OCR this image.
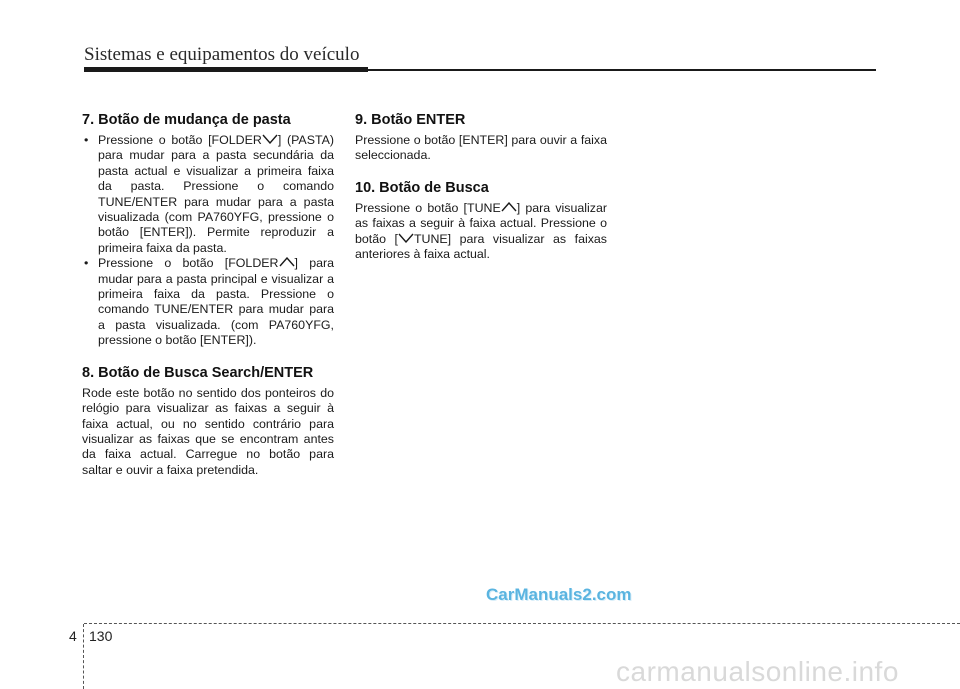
Sistemas e equipamentos do veículo
7. Botão de mudança de pasta
• Pressione o botão [FOLDER ] (PASTA) para mudar para a pasta secundária da pasta actual e visualizar a primeira faixa da pasta. Pressione o comando TUNE/ENTER para mudar para a pasta visualizada (com PA760YFG, pressione o botão [ENTER]). Permite reproduzir a primeira faixa da pasta.
• Pressione o botão [FOLDER ] para mudar para a pasta principal e visualizar a primeira faixa da pasta. Pressione o comando TUNE/ENTER para mudar para a pasta visualizada. (com PA760YFG, pressione o botão [ENTER]).
8. Botão de Busca Search/ENTER

Rode este botão no sentido dos ponteiros do relógio para visualizar as faixas a seguir à faixa actual, ou no sentido contrário para visualizar as faixas que se encontram antes da faixa actual. Carregue no botão para saltar e ouvir a faixa pretendida.

9. Botão ENTER

Pressione o botão [ENTER] para ouvir a faixa seleccionada.

10. Botão de Busca

Pressione o botão [TUNE ] para visualizar as faixas a seguir à faixa actual. Pressione o botão [ TUNE] para visualizar as faixas anteriores à faixa actual.

CarManuals2.com
4 130
carmanualsonline.info
